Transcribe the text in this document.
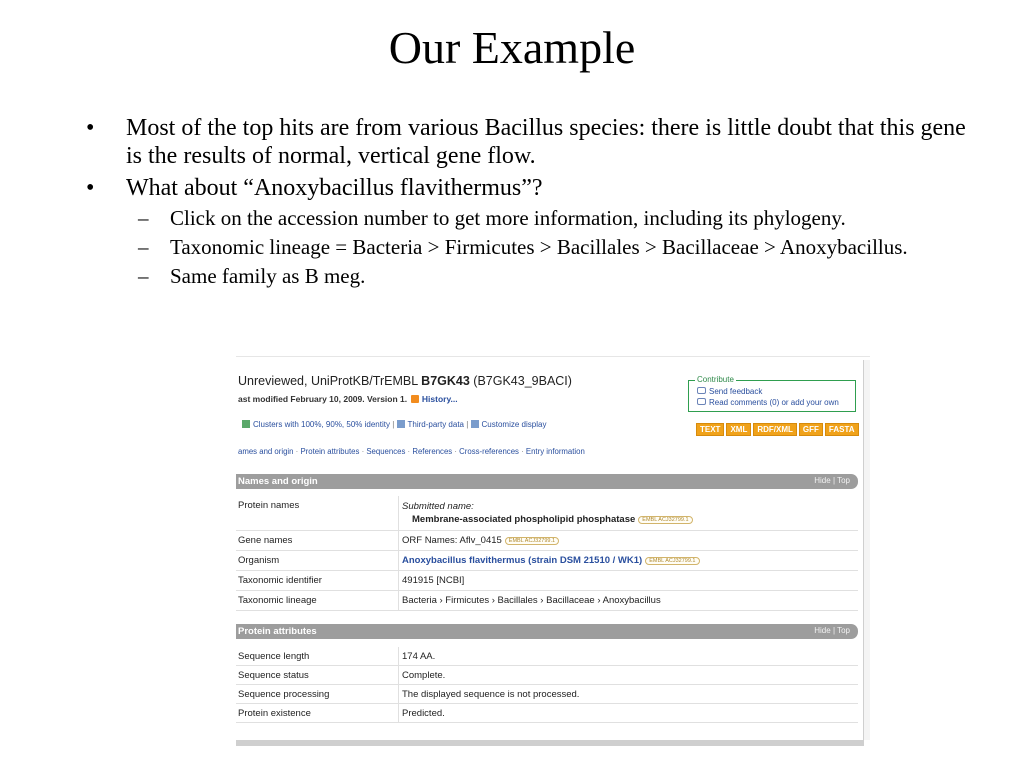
Our Example
• Most of the top hits are from various Bacillus species: there is little doubt that this gene is the results of normal, vertical gene flow.
• What about “Anoxybacillus flavithermus”?
– Click on the accession number to get more information, including its phylogeny.
– Taxonomic lineage = Bacteria > Firmicutes > Bacillales > Bacillaceae > Anoxybacillus.
– Same family as B meg.
Unreviewed, UniProtKB/TrEMBL B7GK43 (B7GK43_9BACI)
ast modified February 10, 2009. Version 1. History...
Contribute
Send feedback
Read comments (0) or add your own
Clusters with 100%, 90%, 50% identity | Third-party data | Customize display
TEXT XML RDF/XML GFF FASTA
ames and origin · Protein attributes · Sequences · References · Cross-references · Entry information
Names and origin	Hide | Top
Protein names	Submitted name:
Membrane-associated phospholipid phosphatase EMBL ACJ32799.1
Gene names	ORF Names: Aflv_0415 EMBL ACJ32799.1
Organism	Anoxybacillus flavithermus (strain DSM 21510 / WK1) EMBL ACJ32799.1
Taxonomic identifier	491915 [NCBI]
Taxonomic lineage	Bacteria › Firmicutes › Bacillales › Bacillaceae › Anoxybacillus
Protein attributes	Hide | Top
Sequence length	174 AA.
Sequence status	Complete.
Sequence processing	The displayed sequence is not processed.
Protein existence	Predicted.
